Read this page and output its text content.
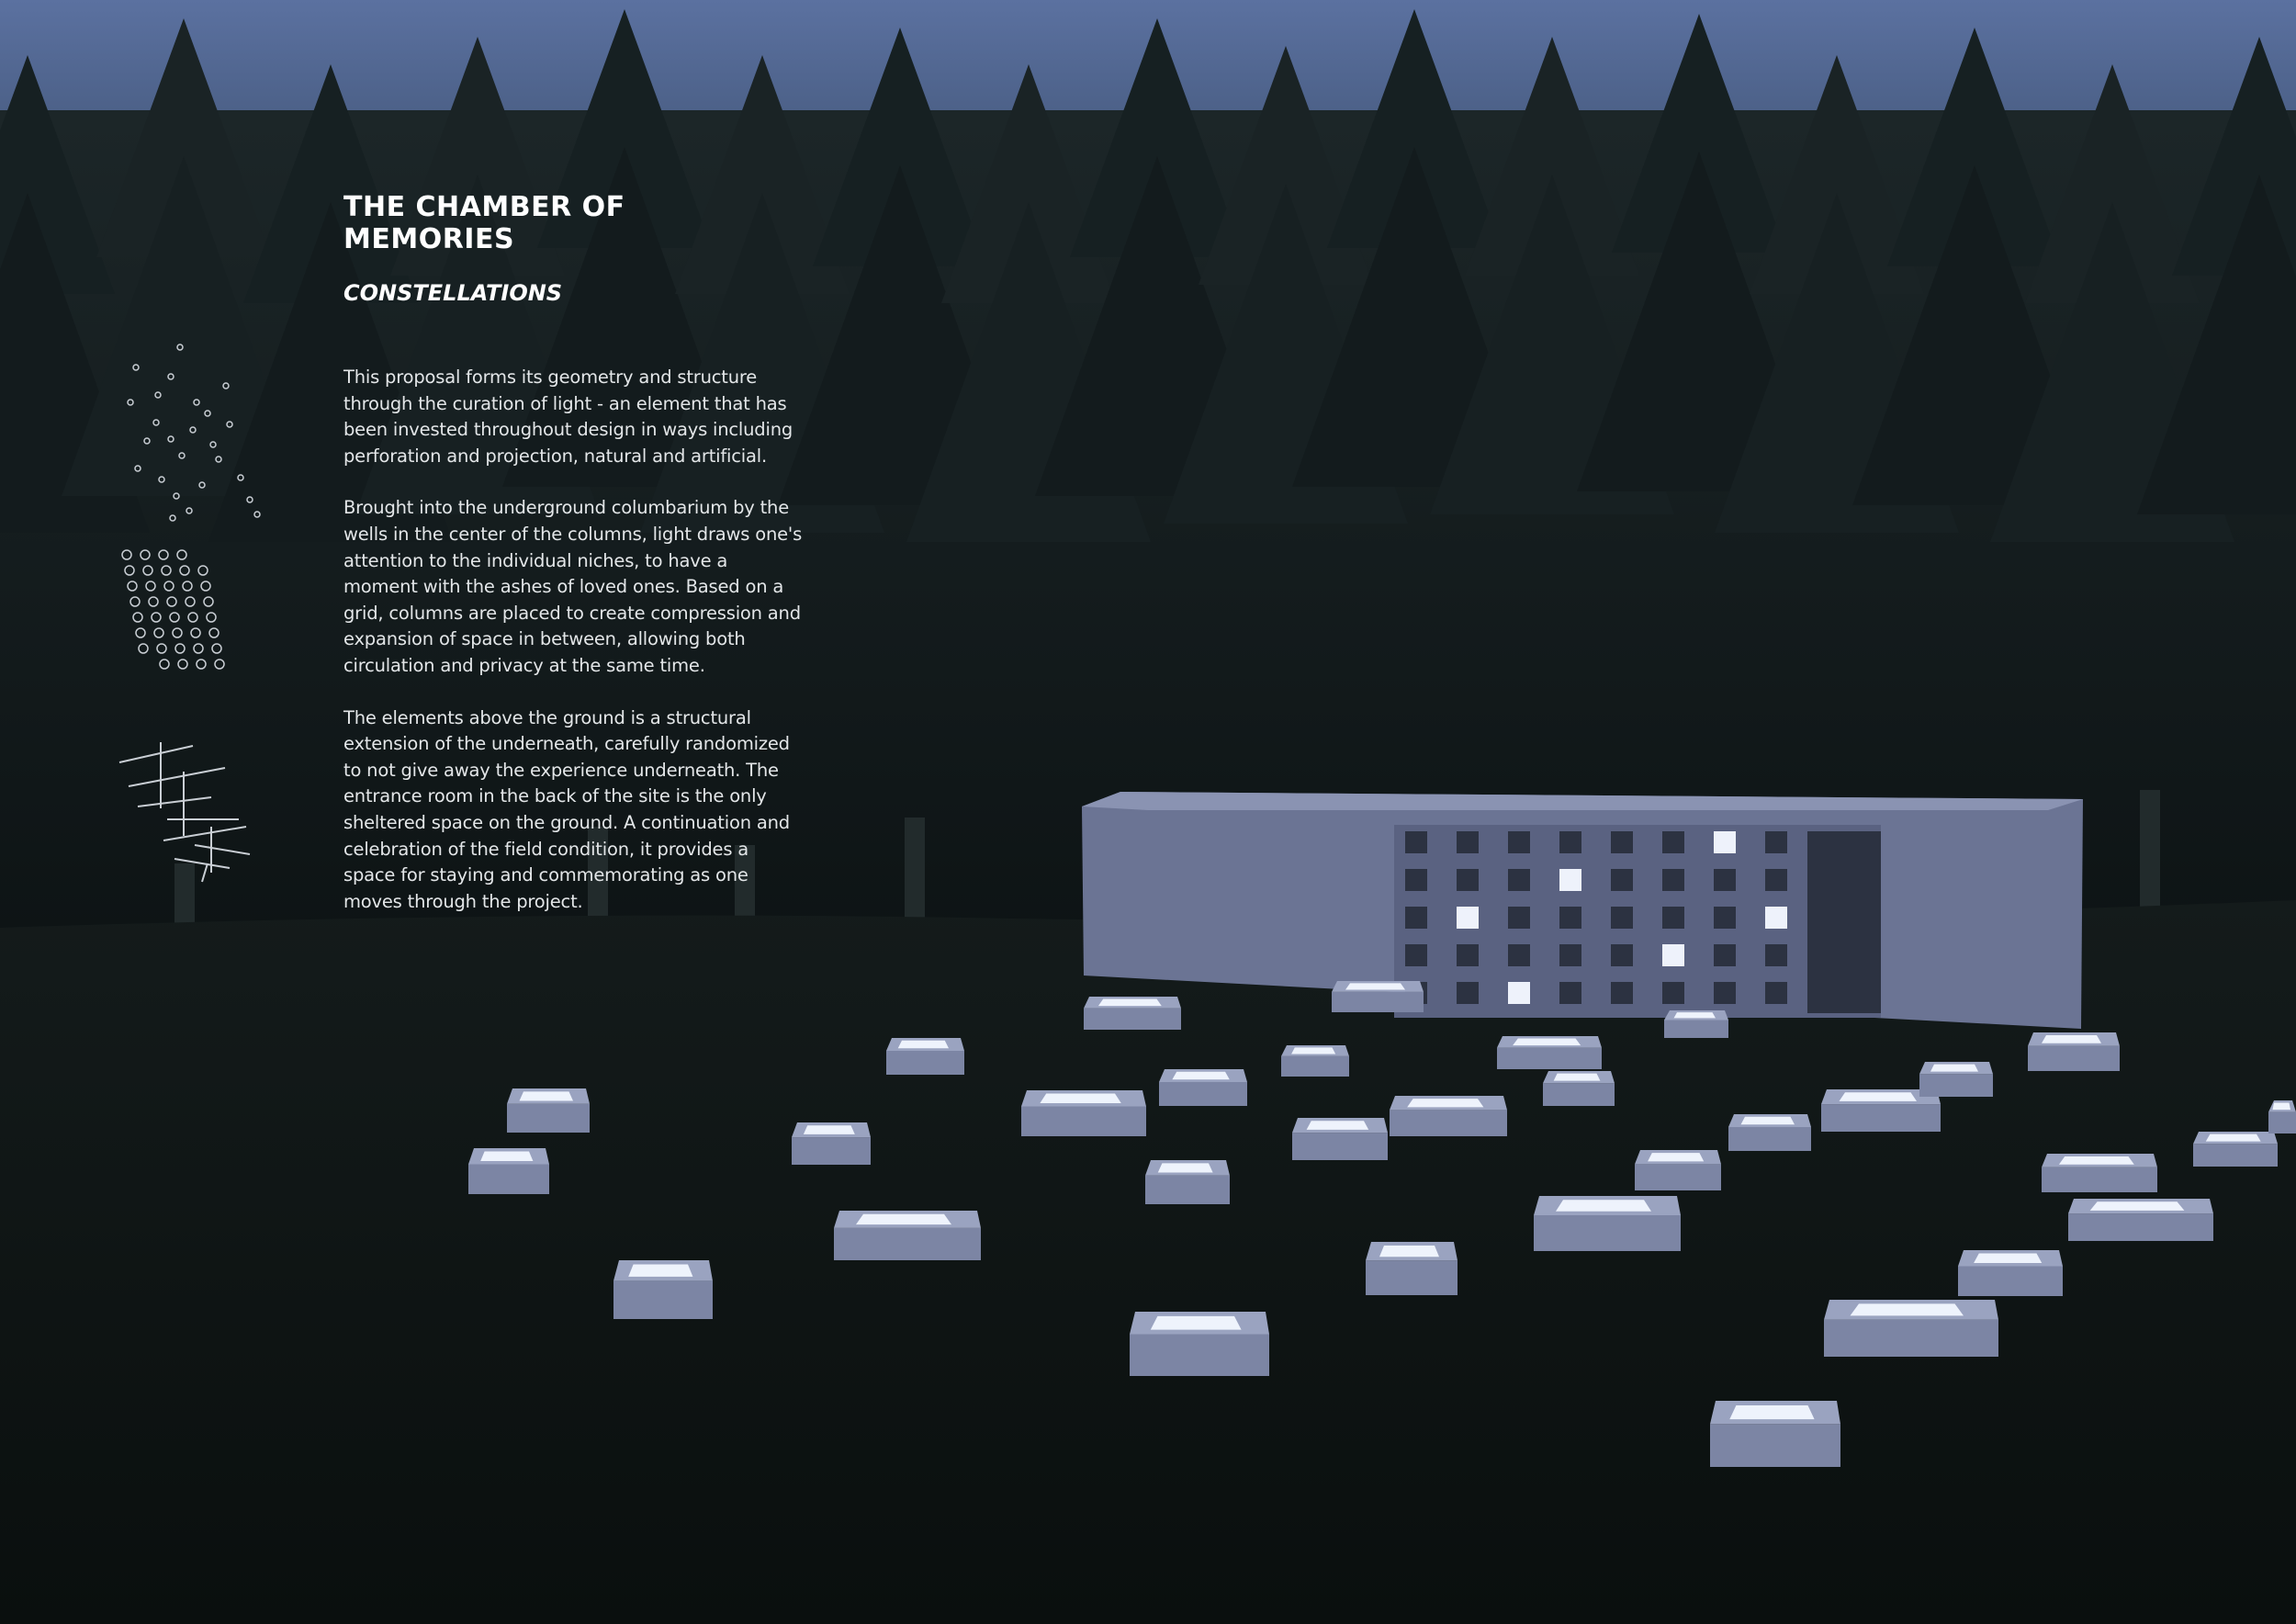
THE CHAMBER OF MEMORIES
CONSTELLATIONS

This proposal forms its geometry and structure through the curation of light - an element that has been invested throughout design in ways including perforation and projection, natural and artificial.

Brought into the underground columbarium by the wells in the center of the columns, light draws one's attention to the individual niches, to have a moment with the ashes of loved ones. Based on a grid, columns are placed to create compression and expansion of space in between, allowing both circulation and privacy at the same time.

The elements above the ground is a structural extension of the underneath, carefully randomized to not give away the experience underneath. The entrance room in the back of the site is the only sheltered space on the ground. A continuation and celebration of the field condition, it provides a space for staying and commemorating as one moves through the project.
